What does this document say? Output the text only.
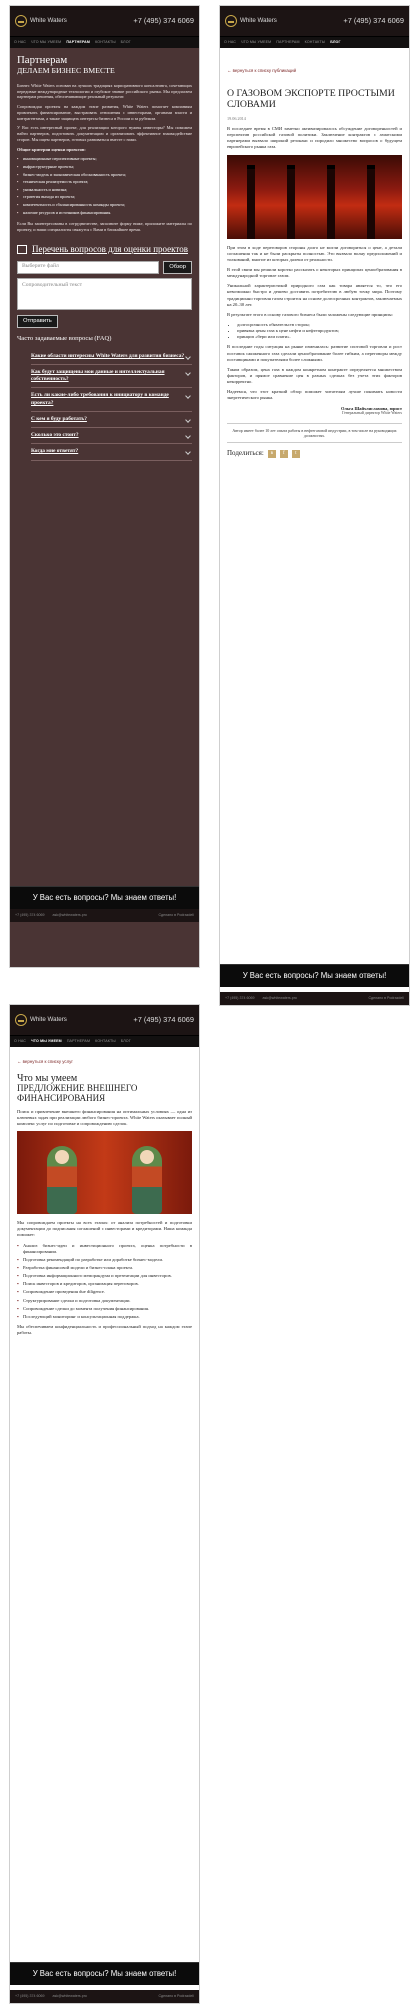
White Waters	+7 (495) 374 6069
О НАС ЧТО МЫ УМЕЕМ ПАРТНЕРАМ КОНТАКТЫ БЛОГ
Партнерам
ДЕЛАЕМ БИЗНЕС ВМЕСТЕ

Бизнес White Waters основан на лучших традициях корпоративного консалтинга, сочетающих передовые международные технологии и глубокое знание российского рынка. Мы предлагаем партнерам решения, обеспечивающие реальный результат.

Сопровождая проекты на каждом этапе развития, White Waters помогает компаниям привлекать финансирование, выстраивать отношения с инвесторами, органами власти и контрагентами, а также защищать интересы бизнеса в России и за рубежом.

У Вас есть интересный проект, для реализации которого нужны инвесторы? Мы поможем найти партнеров, подготовить документацию и организовать эффективное взаимодействие сторон. Мы ищем партнеров, готовых развиваться вместе с нами.

Общие критерии оценки проектов:

▪ инновационные перспективные проекты;
▪ инфраструктурные проекты;
▪ бизнес-модель и экономическая обоснованность проекта;
▪ техническая реализуемость проекта;
▪ уникальность и новизна;
▪ стратегия выхода из проекта;
▪ компетентность и сбалансированность команды проекта;
▪ наличие ресурсов и источников финансирования.

Если Вы заинтересованы в сотрудничестве, заполните форму ниже, приложите материалы по проекту, и наши специалисты свяжутся с Вами в ближайшее время.

Перечень вопросов для оценки проектов
Выберите файл	Обзор
Сопроводительный текст
Отправить
Часто задаваемые вопросы (FAQ)
Какие области интересны White Waters для развития бизнеса?
Как будут защищены мои данные и интеллектуальная собственность?
Есть ли какие-либо требования к инициатору в команде проекта?
С кем я буду работать?
Сколько это стоит?
Когда мне ответят?
У Вас есть вопросы? Мы знаем ответы!
+7 (495) 374 6069 ask@whitewaters.pro	Сделано в Podrazdeli
White Waters	+7 (495) 374 6069
О НАС ЧТО МЫ УМЕЕМ ПАРТНЕРАМ КОНТАКТЫ БЛОГ
← вернуться к списку публикаций
О ГАЗОВОМ ЭКСПОРТЕ ПРОСТЫМИ СЛОВАМИ
19.06.2014

В последнее время в СМИ заметно активизировалось обсуждение договоренностей и перспектив российской газовой политики. Заключение контрактов с азиатскими партнерами вызвало широкий резонанс и породило множество вопросов о будущем европейского рынка газа.

При этом в ходе переговоров стороны долго не могли договориться о цене, а детали соглашения так и не были раскрыты полностью. Это вызвало волну предположений и толкований, многие из которых далеки от реальности.

В этой связи мы решили коротко рассказать о некоторых принципах ценообразования в международной торговле газом.

Уникальной характеристикой природного газа как товара является то, что его невозможно быстро и дешево доставить потребителю в любую точку мира. Поэтому традиционно торговля газом строится на основе долгосрочных контрактов, заключаемых на 20–30 лет.

В результате этого в основу газового бизнеса были заложены следующие принципы:

• долгосрочность обязательств сторон;
• привязка цены газа к цене нефти и нефтепродуктов;
• принцип «бери или плати».

В последние годы ситуация на рынке изменилась: развитие спотовой торговли и рост поставок сжиженного газа сделали ценообразование более гибким, а переговоры между поставщиками и покупателями более сложными.

Таким образом, цена газа в каждом конкретном контракте определяется множеством факторов, и прямое сравнение цен в разных сделках без учета этих факторов некорректно.

Надеемся, что этот краткий обзор поможет читателям лучше понимать новости энергетического рынка.

Ольга Шайхлисламова, юрист
Генеральный директор White Waters
Автор имеет более 10 лет опыта работы в нефтегазовой индустрии, в том числе на руководящих должностях.
Поделиться:	в	f	t
У Вас есть вопросы? Мы знаем ответы!
+7 (495) 374 6069 ask@whitewaters.pro	Сделано в Podrazdeli
White Waters	+7 (495) 374 6069
О НАС ЧТО МЫ УМЕЕМ ПАРТНЕРАМ КОНТАКТЫ БЛОГ
← вернуться к списку услуг
Что мы умеем
ПРЕДЛОЖЕНИЕ ВНЕШНЕГО ФИНАНСИРОВАНИЯ

Поиск и привлечение внешнего финансирования на оптимальных условиях — одна из ключевых задач при реализации любого бизнес-проекта. White Waters оказывает полный комплекс услуг по подготовке и сопровождению сделок.

Мы сопровождаем проекты на всех этапах: от анализа потребностей и подготовки документации до подписания соглашений с инвесторами и кредиторами. Наша команда поможет:

▪ Анализ бизнес-идеи и инвестиционного проекта, оценка потребности в финансировании.
▪ Подготовка рекомендаций по разработке или доработке бизнес-модели.
▪ Разработка финансовой модели и бизнес-плана проекта.
▪ Подготовка информационного меморандума и презентации для инвесторов.
▪ Поиск инвесторов и кредиторов, организация переговоров.
▪ Сопровождение проведения due diligence.
▪ Структурирование сделки и подготовка документации.
▪ Сопровождение сделки до момента получения финансирования.
▪ Последующий мониторинг и консультационная поддержка.

Мы обеспечиваем конфиденциальность и профессиональный подход на каждом этапе работы.

У Вас есть вопросы? Мы знаем ответы!
+7 (495) 374 6069 ask@whitewaters.pro	Сделано в Podrazdeli
